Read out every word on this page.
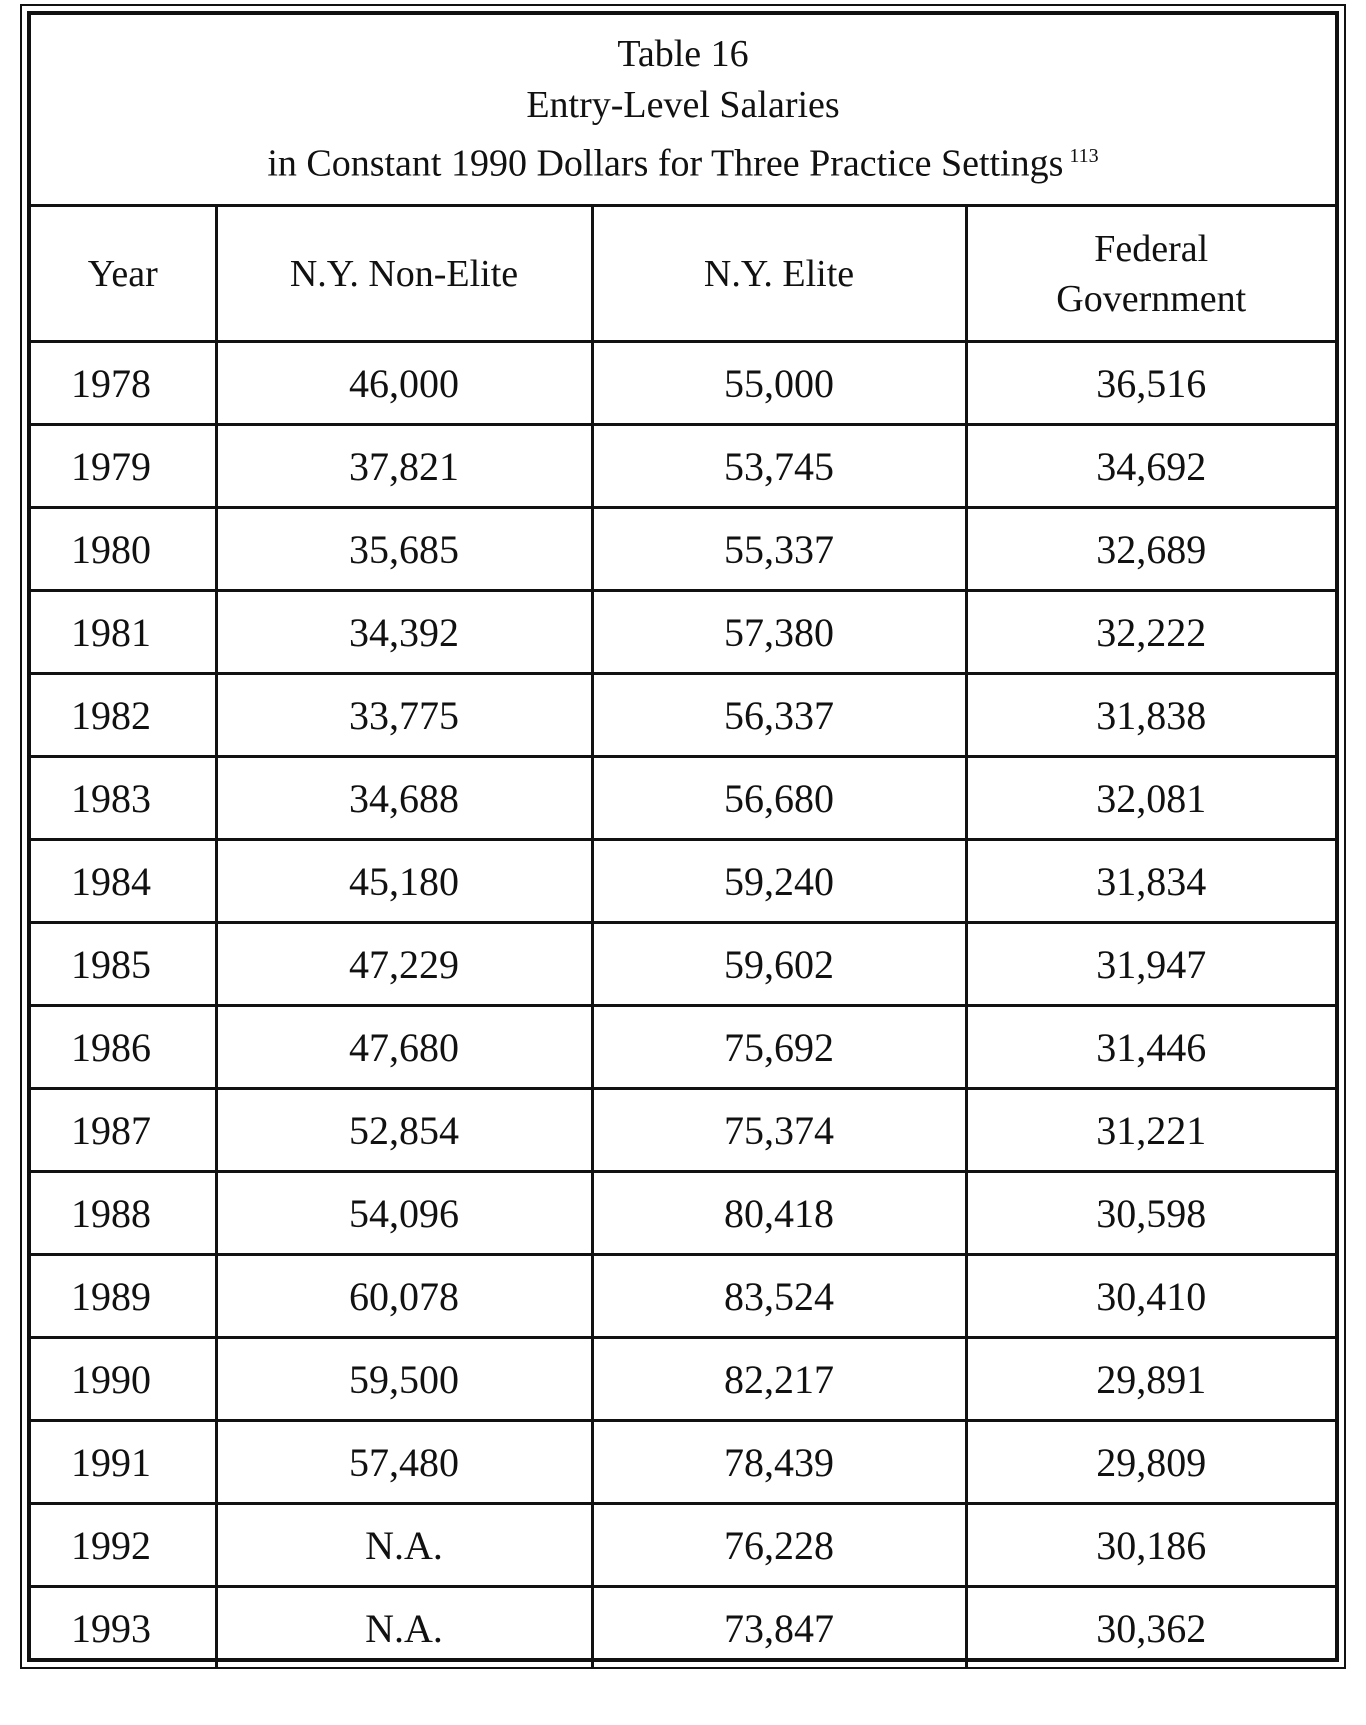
Table 16
Entry-Level Salaries
in Constant 1990 Dollars for Three Practice Settings $^{113}$
Year	N.Y. Non-Elite	N.Y. Elite	Federal
Government

1978	46,000	55,000	36,516
1979	37,821	53,745	34,692
1980	35,685	55,337	32,689
1981	34,392	57,380	32,222
1982	33,775	56,337	31,838
1983	34,688	56,680	32,081
1984	45,180	59,240	31,834
1985	47,229	59,602	31,947
1986	47,680	75,692	31,446
1987	52,854	75,374	31,221
1988	54,096	80,418	30,598
1989	60,078	83,524	30,410
1990	59,500	82,217	29,891
1991	57,480	78,439	29,809
1992	N.A.	76,228	30,186
1993	N.A.	73,847	30,362
